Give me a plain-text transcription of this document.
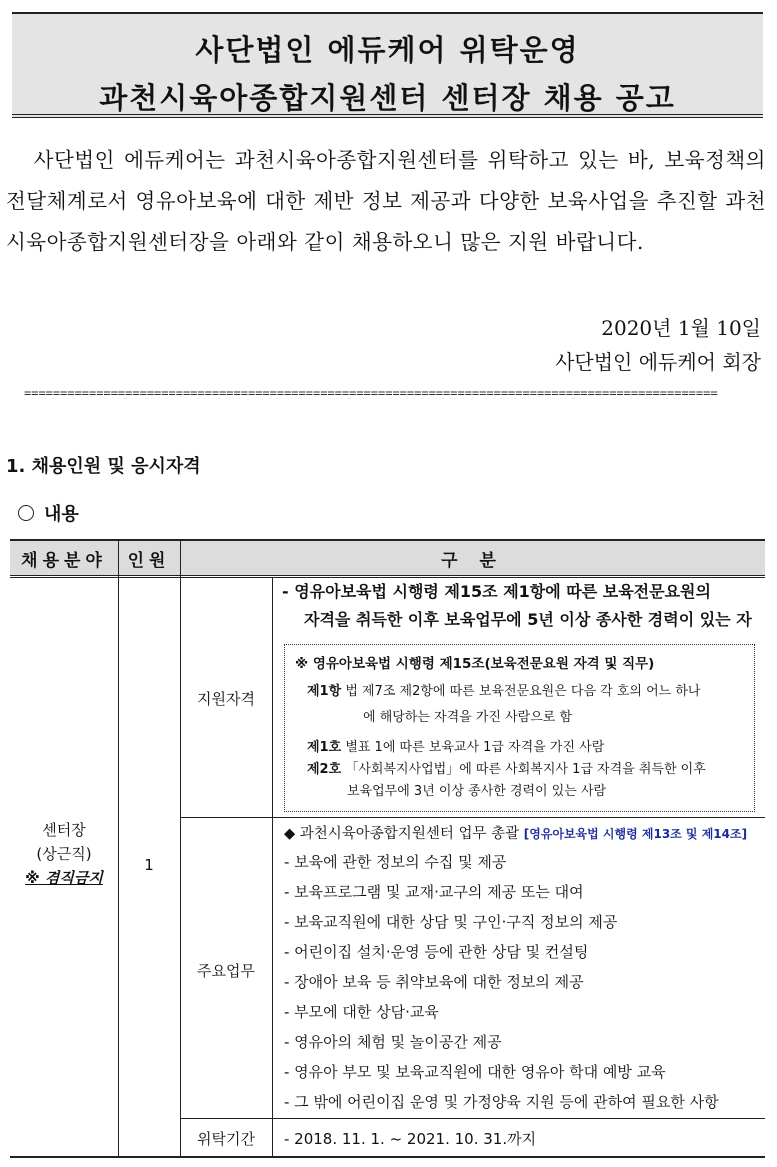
사단법인 에듀케어 위탁운영
과천시육아종합지원센터 센터장 채용 공고
사단법인 에듀케어는 과천시육아종합지원센터를 위탁하고 있는 바, 보육정책의 전달체계로서 영유아보육에 대한 제반 정보 제공과 다양한 보육사업을 추진할 과천시육아종합지원센터장을 아래와 같이 채용하오니 많은 지원 바랍니다.
2020년 1월 10일
사단법인 에듀케어 회장
================================================================================================
1. 채용인원 및 응시자격
내용
채용분야 인원	구 분
센터장
(상근직)
※ 겸직금지
1
지원자격
주요업무
위탁기간
- 영유아보육법 시행령 제15조 제1항에 따른 보육전문요원의
자격을 취득한 이후 보육업무에 5년 이상 종사한 경력이 있는 자
※ 영유아보육법 시행령 제15조(보육전문요원 자격 및 직무)
제1항 법 제7조 제2항에 따른 보육전문요원은 다음 각 호의 어느 하나
에 해당하는 자격을 가진 사람으로 함
제1호 별표 1에 따른 보육교사 1급 자격을 가진 사람
제2호 「사회복지사업법」에 따른 사회복지사 1급 자격을 취득한 이후
보육업무에 3년 이상 종사한 경력이 있는 사람
◆ 과천시육아종합지원센터 업무 총괄 [영유아보육법 시행령 제13조 및 제14조]
- 보육에 관한 정보의 수집 및 제공
- 보육프로그램 및 교재·교구의 제공 또는 대여
- 보육교직원에 대한 상담 및 구인·구직 정보의 제공
- 어린이집 설치·운영 등에 관한 상담 및 컨설팅
- 장애아 보육 등 취약보육에 대한 정보의 제공
- 부모에 대한 상담·교육
- 영유아의 체험 및 놀이공간 제공
- 영유아 부모 및 보육교직원에 대한 영유아 학대 예방 교육
- 그 밖에 어린이집 운영 및 가정양육 지원 등에 관하여 필요한 사항
- 2018. 11. 1. ~ 2021. 10. 31.까지
